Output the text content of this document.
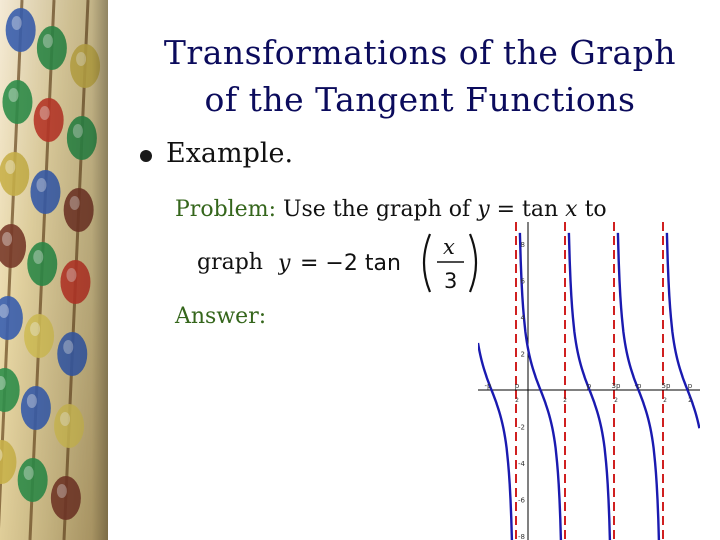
Transformations of the Graph
of the Tangent Functions
Example.
Problem: Use the graph of y = tan x to
graph y = −2 tan
x
3
Answer:
8
6
4
2
-2
-4
-6
-8
-p	p	p	3p -p	5p p
2	2	2	2	2
